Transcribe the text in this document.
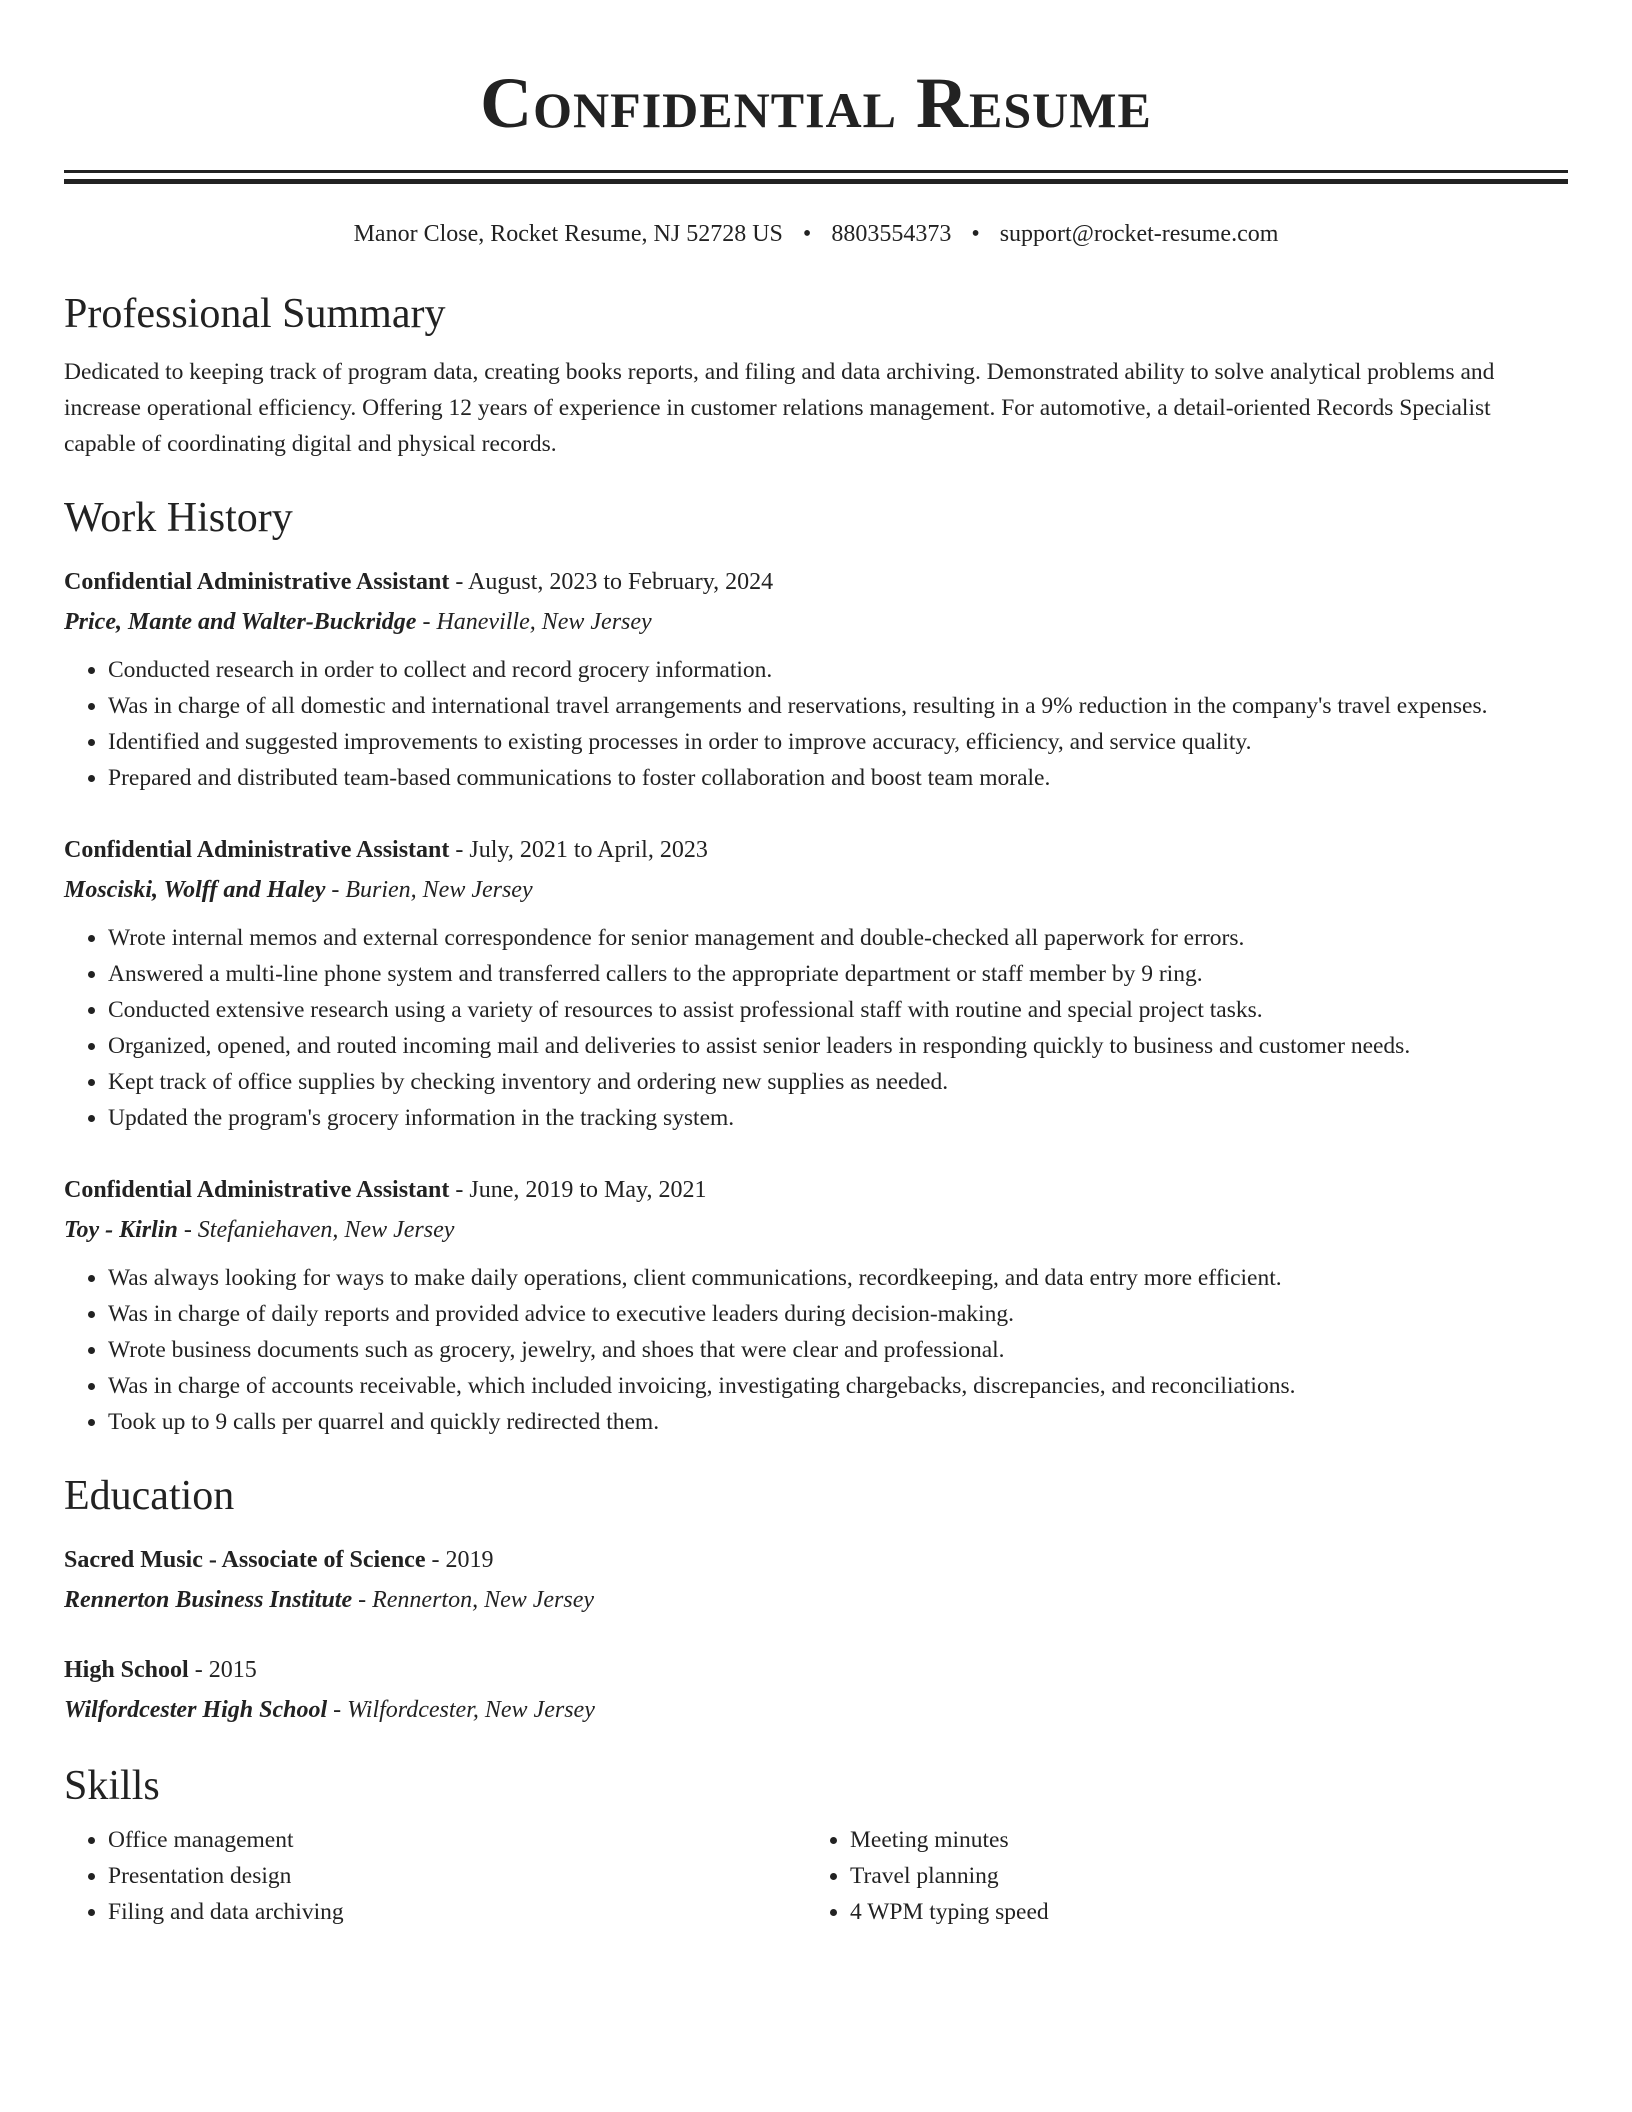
Confidential Resume
Manor Close, Rocket Resume, NJ 52728 US • 8803554373 • support@rocket-resume.com
Professional Summary
Dedicated to keeping track of program data, creating books reports, and filing and data archiving. Demonstrated ability to solve analytical problems and increase operational efficiency. Offering 12 years of experience in customer relations management. For automotive, a detail-oriented Records Specialist capable of coordinating digital and physical records.
Work History
Confidential Administrative Assistant - August, 2023 to February, 2024
Price, Mante and Walter-Buckridge - Haneville, New Jersey
• Conducted research in order to collect and record grocery information.
• Was in charge of all domestic and international travel arrangements and reservations, resulting in a 9% reduction in the company's travel expenses.
• Identified and suggested improvements to existing processes in order to improve accuracy, efficiency, and service quality.
• Prepared and distributed team-based communications to foster collaboration and boost team morale.
Confidential Administrative Assistant - July, 2021 to April, 2023
Mosciski, Wolff and Haley - Burien, New Jersey
• Wrote internal memos and external correspondence for senior management and double-checked all paperwork for errors.
• Answered a multi-line phone system and transferred callers to the appropriate department or staff member by 9 ring.
• Conducted extensive research using a variety of resources to assist professional staff with routine and special project tasks.
• Organized, opened, and routed incoming mail and deliveries to assist senior leaders in responding quickly to business and customer needs.
• Kept track of office supplies by checking inventory and ordering new supplies as needed.
• Updated the program's grocery information in the tracking system.
Confidential Administrative Assistant - June, 2019 to May, 2021
Toy - Kirlin - Stefaniehaven, New Jersey
• Was always looking for ways to make daily operations, client communications, recordkeeping, and data entry more efficient.
• Was in charge of daily reports and provided advice to executive leaders during decision-making.
• Wrote business documents such as grocery, jewelry, and shoes that were clear and professional.
• Was in charge of accounts receivable, which included invoicing, investigating chargebacks, discrepancies, and reconciliations.
• Took up to 9 calls per quarrel and quickly redirected them.
Education
Sacred Music - Associate of Science - 2019
Rennerton Business Institute - Rennerton, New Jersey
High School - 2015
Wilfordcester High School - Wilfordcester, New Jersey
Skills
• Office management
• Presentation design
• Filing and data archiving
• Meeting minutes
• Travel planning
• 4 WPM typing speed
